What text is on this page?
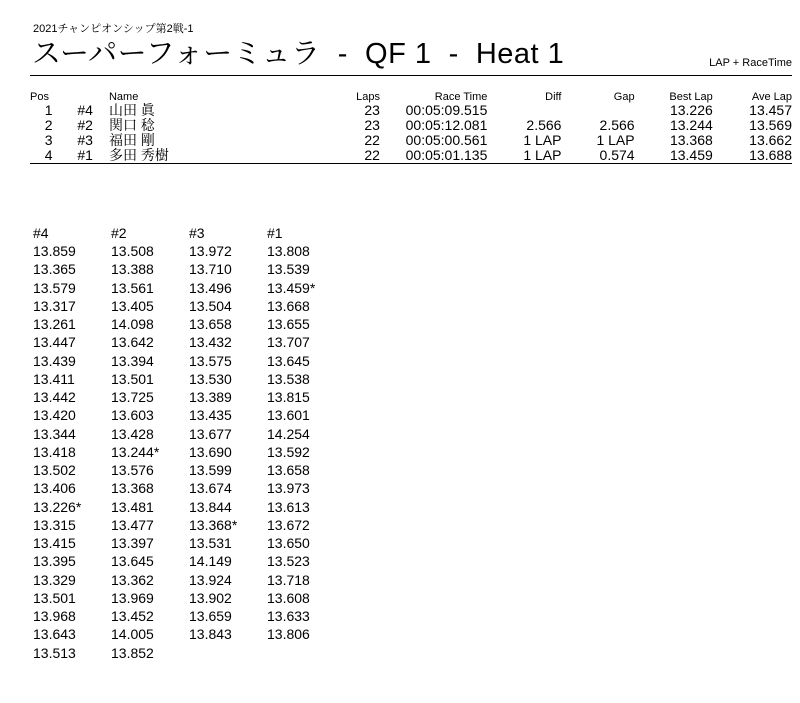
2021チャンピオンシップ第2戦-1
スーパーフォーミュラ  -  QF 1  -  Heat 1	LAP + RaceTime
Pos		Name	Laps	Race Time	Diff	Gap	Best Lap	Ave Lap
1	#4	山田 眞	23	00:05:09.515			13.226	13.457
2	#2	関口 稔	23	00:05:12.081	2.566	2.566	13.244	13.569
3	#3	福田 剛	22	00:05:00.561	1 LAP	1 LAP	13.368	13.662
4	#1	多田 秀樹	22	00:05:01.135	1 LAP	0.574	13.459	13.688
#4	#2	#3	#1
13.859	13.508	13.972	13.808
13.365	13.388	13.710	13.539
13.579	13.561	13.496	13.459*
13.317	13.405	13.504	13.668
13.261	14.098	13.658	13.655
13.447	13.642	13.432	13.707
13.439	13.394	13.575	13.645
13.411	13.501	13.530	13.538
13.442	13.725	13.389	13.815
13.420	13.603	13.435	13.601
13.344	13.428	13.677	14.254
13.418	13.244*	13.690	13.592
13.502	13.576	13.599	13.658
13.406	13.368	13.674	13.973
13.226*	13.481	13.844	13.613
13.315	13.477	13.368*	13.672
13.415	13.397	13.531	13.650
13.395	13.645	14.149	13.523
13.329	13.362	13.924	13.718
13.501	13.969	13.902	13.608
13.968	13.452	13.659	13.633
13.643	14.005	13.843	13.806
13.513	13.852		
